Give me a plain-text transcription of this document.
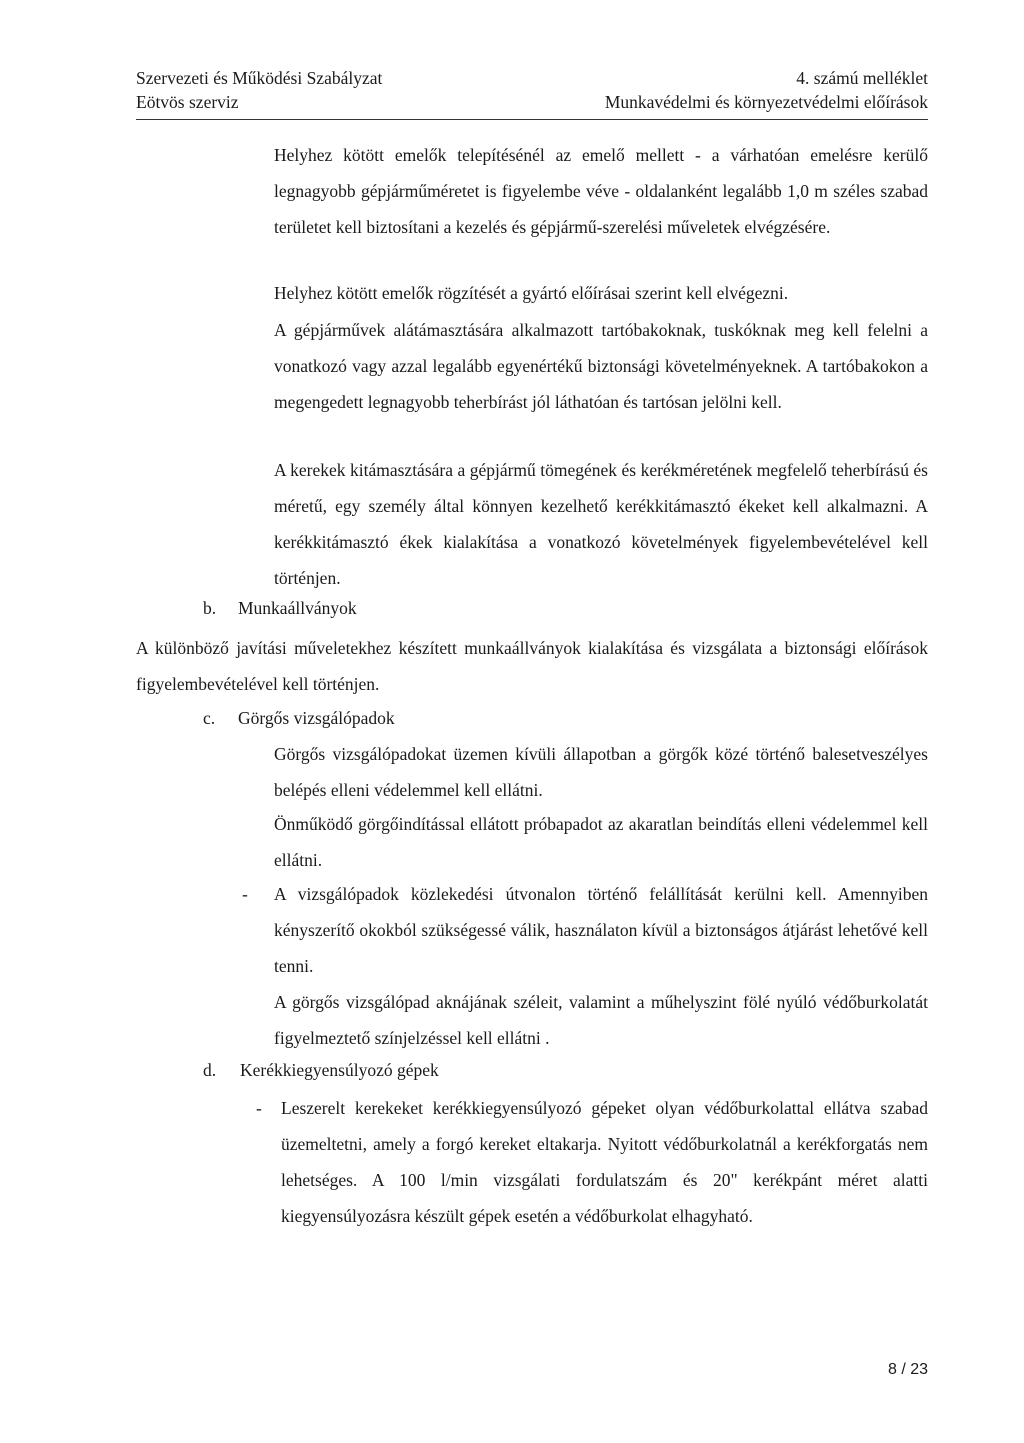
Szervezeti és Működési Szabályzat	4. számú melléklet
Eötvös szerviz	Munkavédelmi és környezetvédelmi előírások

Helyhez kötött emelők telepítésénél az emelő mellett - a várhatóan emelésre kerülő legnagyobb gépjárműméretet is figyelembe véve - oldalanként legalább 1,0 m széles szabad területet kell biztosítani a kezelés és gépjármű-szerelési műveletek elvégzésére.

Helyhez kötött emelők rögzítését a gyártó előírásai szerint kell elvégezni.

A gépjárművek alátámasztására alkalmazott tartóbakoknak, tuskóknak meg kell felelni a vonatkozó vagy azzal legalább egyenértékű biztonsági követelményeknek. A tartóbakokon a megengedett legnagyobb teherbírást jól láthatóan és tartósan jelölni kell.

A kerekek kitámasztására a gépjármű tömegének és kerékméretének megfelelő teherbírású és méretű, egy személy által könnyen kezelhető kerékkitámasztó ékeket kell alkalmazni. A kerékkitámasztó ékek kialakítása a vonatkozó követelmények figyelembevételével kell történjen.

b. Munkaállványok

A különböző javítási műveletekhez készített munkaállványok kialakítása és vizsgálata a biztonsági előírások figyelembevételével kell történjen.

c. Görgős vizsgálópadok

Görgős vizsgálópadokat üzemen kívüli állapotban a görgők közé történő balesetveszélyes belépés elleni védelemmel kell ellátni.

Önműködő görgőindítással ellátott próbapadot az akaratlan beindítás elleni védelemmel kell ellátni.

- A vizsgálópadok közlekedési útvonalon történő felállítását kerülni kell. Amennyiben kényszerítő okokból szükségessé válik, használaton kívül a biztonságos átjárást lehetővé kell tenni.

A görgős vizsgálópad aknájának széleit, valamint a műhelyszint fölé nyúló védőburkolatát figyelmeztető színjelzéssel kell ellátni .

d. Kerékkiegyensúlyozó gépek
- Leszerelt kerekeket kerékkiegyensúlyozó gépeket olyan védőburkolattal ellátva szabad üzemeltetni, amely a forgó kereket eltakarja. Nyitott védőburkolatnál a kerékforgatás nem lehetséges. A 100 l/min vizsgálati fordulatszám és 20" kerékpánt méret alatti kiegyensúlyozásra készült gépek esetén a védőburkolat elhagyható.

8 / 23
